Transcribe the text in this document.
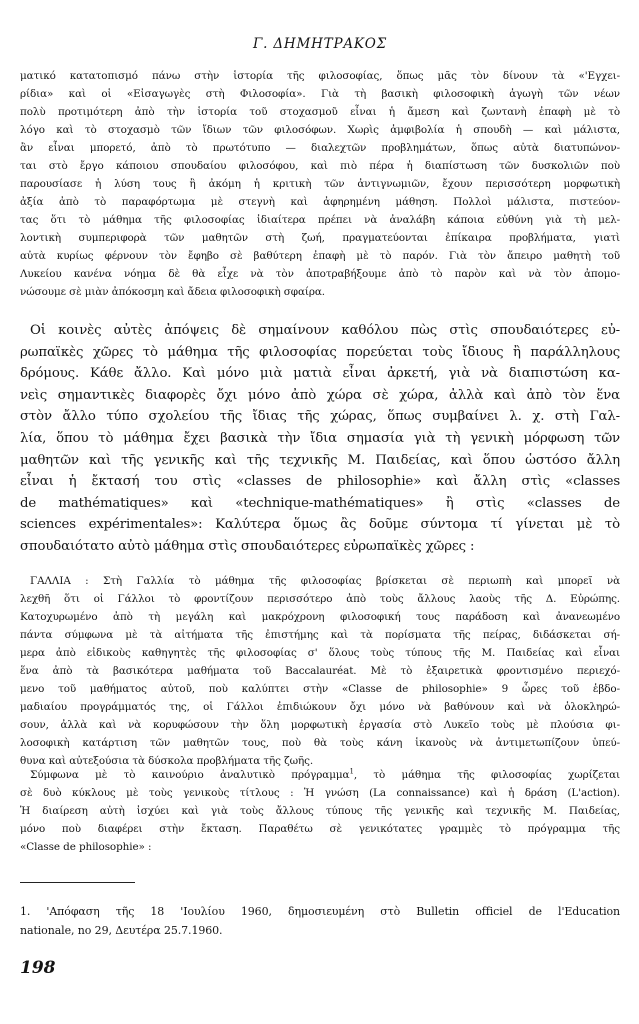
Γ. ΔΗΜΗΤΡΑΚΟΣ
ματικό κατατοπισμό πάνω στὴν ἱστορία τῆς φιλοσοφίας, ὅπως μᾶς τὸν δίνουν τὰ «'Εγχει-
ρίδια» καὶ οἱ «Εἰσαγωγὲς στὴ Φιλοσοφία». Γιὰ τὴ βασικὴ φιλοσοφικὴ ἀγωγὴ τῶν νέων
πολὺ προτιμότερη ἀπὸ τὴν ἱστορία τοῦ στοχασμοῦ εἶναι ἡ ἄμεση καὶ ζωντανὴ ἐπαφὴ μὲ τὸ
λόγο καὶ τὸ στοχασμὸ τῶν ἴδιων τῶν φιλοσόφων. Χωρὶς ἀμφιβολία ἡ σπουδὴ — καὶ μάλιστα,
ἂν εἶναι μπορετό, ἀπὸ τὸ πρωτότυπο — διαλεχτῶν προβλημάτων, ὅπως αὐτὰ διατυπώνον-
ται στὸ ἔργο κάποιου σπουδαίου φιλοσόφου, καὶ πιὸ πέρα ἡ διαπίστωση τῶν δυσκολιῶν ποὺ
παρουσίασε ἡ λύση τους ἢ ἀκόμη ἡ κριτικὴ τῶν ἀντιγνωμιῶν, ἔχουν περισσότερη μορφωτικὴ
ἀξία ἀπὸ τὸ παραφόρτωμα μὲ στεγνὴ καὶ ἀφηρημένη μάθηση. Πολλοὶ μάλιστα, πιστεύον-
τας ὅτι τὸ μάθημα τῆς φιλοσοφίας ἰδιαίτερα πρέπει νὰ ἀναλάβη κάποια εὐθύνη γιὰ τὴ μελ-
λοντικὴ συμπεριφορὰ τῶν μαθητῶν στὴ ζωή, πραγματεύονται ἐπίκαιρα προβλήματα, γιατὶ
αὐτὰ κυρίως φέρνουν τὸν ἔφηβο σὲ βαθύτερη ἐπαφὴ μὲ τὸ παρόν. Γιὰ τὸν ἄπειρο μαθητὴ τοῦ
Λυκείου κανένα νόημα δὲ θὰ εἶχε νὰ τὸν ἀποτραβήξουμε ἀπὸ τὸ παρὸν καὶ νὰ τὸν ἀπομο-
νώσουμε σὲ μιὰν ἀπόκοσμη καὶ ἄδεια φιλοσοφικὴ σφαίρα.
Οἱ κοινὲς αὐτὲς ἀπόψεις δὲ σημαίνουν καθόλου πὼς στὶς σπουδαιότερες εὐ-
ρωπαϊκὲς χῶρες τὸ μάθημα τῆς φιλοσοφίας πορεύεται τοὺς ἴδιους ἢ παράλληλους
δρόμους. Κάθε ἄλλο. Καὶ μόνο μιὰ ματιὰ εἶναι ἀρκετή, γιὰ νὰ διαπιστώση κα-
νεὶς σημαντικὲς διαφορὲς ὄχι μόνο ἀπὸ χώρα σὲ χώρα, ἀλλὰ καὶ ἀπὸ τὸν ἕνα
στὸν ἄλλο τύπο σχολείου τῆς ἴδιας τῆς χώρας, ὅπως συμβαίνει λ. χ. στὴ Γαλ-
λία, ὅπου τὸ μάθημα ἔχει βασικὰ τὴν ἴδια σημασία γιὰ τὴ γενικὴ μόρφωση τῶν
μαθητῶν καὶ τῆς γενικῆς καὶ τῆς τεχνικῆς Μ. Παιδείας, καὶ ὅπου ὡστόσο ἄλλη
εἶναι ἡ ἔκτασή του στὶς «classes de philosophie» καὶ ἄλλη στὶς «classes
de mathématiques» καὶ «technique-mathématiques» ἢ στὶς «classes de
sciences expérimentales»: Καλύτερα ὅμως ἂς δοῦμε σύντομα τί γίνεται μὲ τὸ
σπουδαιότατο αὐτὸ μάθημα στὶς σπουδαιότερες εὐρωπαϊκὲς χῶρες :
ΓΑΛΛΙΑ : Στὴ Γαλλία τὸ μάθημα τῆς φιλοσοφίας βρίσκεται σὲ περιωπὴ καὶ μπορεῖ νὰ
λεχθῆ ὅτι οἱ Γάλλοι τὸ φροντίζουν περισσότερο ἀπὸ τοὺς ἄλλους λαοὺς τῆς Δ. Εὐρώπης.
Κατοχυρωμένο ἀπὸ τὴ μεγάλη καὶ μακρόχρονη φιλοσοφική τους παράδοση καὶ ἀνανεωμένο
πάντα σύμφωνα μὲ τὰ αἰτήματα τῆς ἐπιστήμης καὶ τὰ πορίσματα τῆς πείρας, διδάσκεται σή-
μερα ἀπὸ εἰδικοὺς καθηγητὲς τῆς φιλοσοφίας σ' ὅλους τοὺς τύπους τῆς Μ. Παιδείας καὶ εἶναι
ἕνα ἀπὸ τὰ βασικότερα μαθήματα τοῦ Baccalauréat. Μὲ τὸ ἐξαιρετικὰ φροντισμένο περιεχό-
μενο τοῦ μαθήματος αὐτοῦ, ποὺ καλύπτει στὴν «Classe de philosophie» 9 ὧρες τοῦ ἑβδο-
μαδιαίου προγράμματός της, οἱ Γάλλοι ἐπιδιώκουν ὄχι μόνο νὰ βαθύνουν καὶ νὰ ὁλοκληρώ-
σουν, ἀλλὰ καὶ νὰ κορυφώσουν τὴν ὅλη μορφωτικὴ ἐργασία στὸ Λυκεῖο τοὺς μὲ πλούσια φι-
λοσοφικὴ κατάρτιση τῶν μαθητῶν τους, ποὺ θὰ τοὺς κάνη ἱκανοὺς νὰ ἀντιμετωπίζουν ὑπεύ-
θυνα καὶ αὐτεξούσια τὰ δύσκολα προβλήματα τῆς ζωῆς.
Σύμφωνα μὲ τὸ καινούριο ἀναλυτικὸ πρόγραμμα$^1$, τὸ μάθημα τῆς φιλοσοφίας χωρίζεται
σὲ δυὸ κύκλους μὲ τοὺς γενικοὺς τίτλους : Ἡ γνώση (La connaissance) καὶ ἡ δράση (L'action).
Ἡ διαίρεση αὐτὴ ἰσχύει καὶ γιὰ τοὺς ἄλλους τύπους τῆς γενικῆς καὶ τεχνικῆς Μ. Παιδείας,
μόνο ποὺ διαφέρει στὴν ἔκταση. Παραθέτω σὲ γενικότατες γραμμὲς τὸ πρόγραμμα τῆς
«Classe de philosophie» :
1. 'Απόφαση τῆς 18 'Ιουλίου 1960, δημοσιευμένη στὸ Bulletin officiel de l'Education
nationale, no 29, Δευτέρα 25.7.1960.
198
